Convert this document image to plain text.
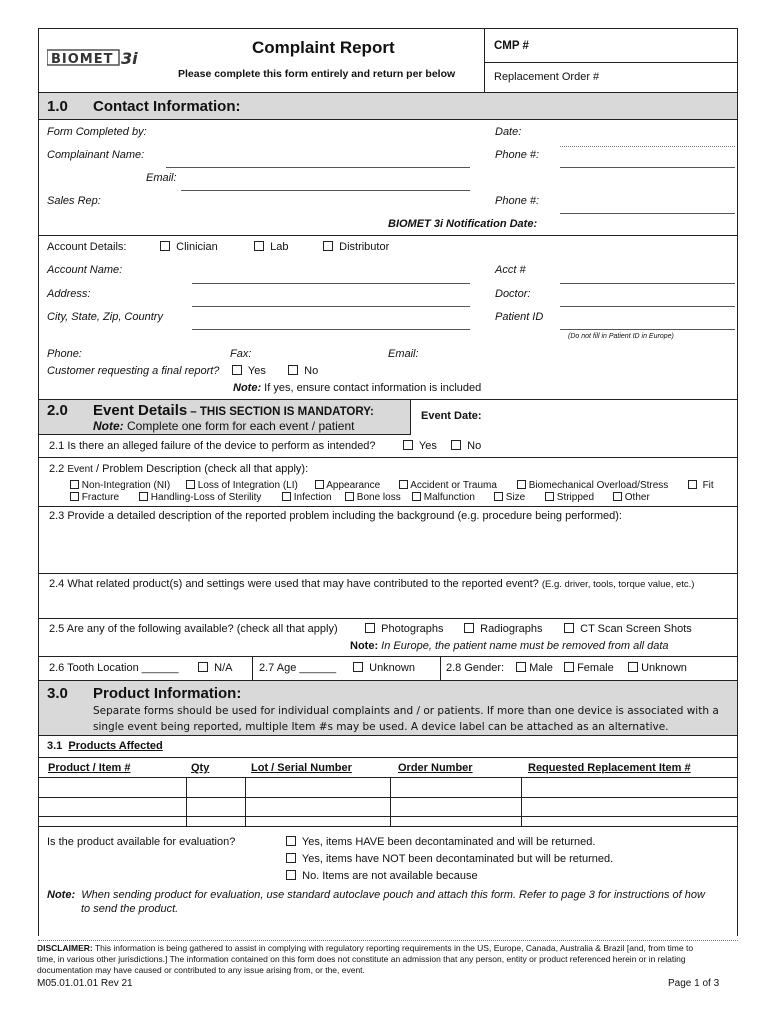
BIOMET 3i
Complaint Report
Please complete this form entirely and return per below
CMP #
Replacement Order #
1.0 Contact Information:
Form Completed by:	Date:
Complainant Name:	Phone #:
Email:
Sales Rep:	Phone #:
BIOMET 3i Notification Date:
Account Details:	Clinician	Lab	Distributor
Account Name:	Acct #
Address:	Doctor:
City, State, Zip, Country	Patient ID
(Do not fill in Patient ID in Europe)
Phone:	Fax:	Email:
Customer requesting a final report?	Yes	No
Note: If yes, ensure contact information is included
2.0 Event Details – THIS SECTION IS MANDATORY:
Note: Complete one form for each event / patient
Event Date:
2.1 Is there an alleged failure of the device to perform as intended?	Yes	No
2.2 Event / Problem Description (check all that apply):
Non-Integration (NI)	Loss of Integration (LI)	Appearance	Accident or Trauma	Biomechanical Overload/Stress	Fit
Fracture	Handling-Loss of Sterility	Infection	Bone loss	Malfunction	Size	Stripped	Other
2.3 Provide a detailed description of the reported problem including the background (e.g. procedure being performed):
2.4 What related product(s) and settings were used that may have contributed to the reported event? (E.g. driver, tools, torque value, etc.)
2.5 Are any of the following available? (check all that apply)	Photographs	Radiographs	CT Scan Screen Shots
Note: In Europe, the patient name must be removed from all data
2.6 Tooth Location ______	N/A 2.7 Age ______	Unknown	2.8 Gender:	Male	Female	Unknown
3.0 Product Information:
Separate forms should be used for individual complaints and / or patients. If more than one device is associated with a single event being reported, multiple Item #s may be used. A device label can be attached as an alternative.
3.1 Products Affected
Product / Item #	Qty	Lot / Serial Number	Order Number	Requested Replacement Item #
Is the product available for evaluation?	Yes, items HAVE been decontaminated and will be returned.
Yes, items have NOT been decontaminated but will be returned.
No. Items are not available because
Note: When sending product for evaluation, use standard autoclave pouch and attach this form. Refer to page 3 for instructions of how
to send the product.
DISCLAIMER: This information is being gathered to assist in complying with regulatory reporting requirements in the US, Europe, Canada, Australia & Brazil [and, from time to
time, in various other jurisdictions.] The information contained on this form does not constitute an admission that any person, entity or product referenced herein or in relating
documentation may have caused or contributed to any issue arising from, or the, event.
M05.01.01.01 Rev 21	Page 1 of 3
